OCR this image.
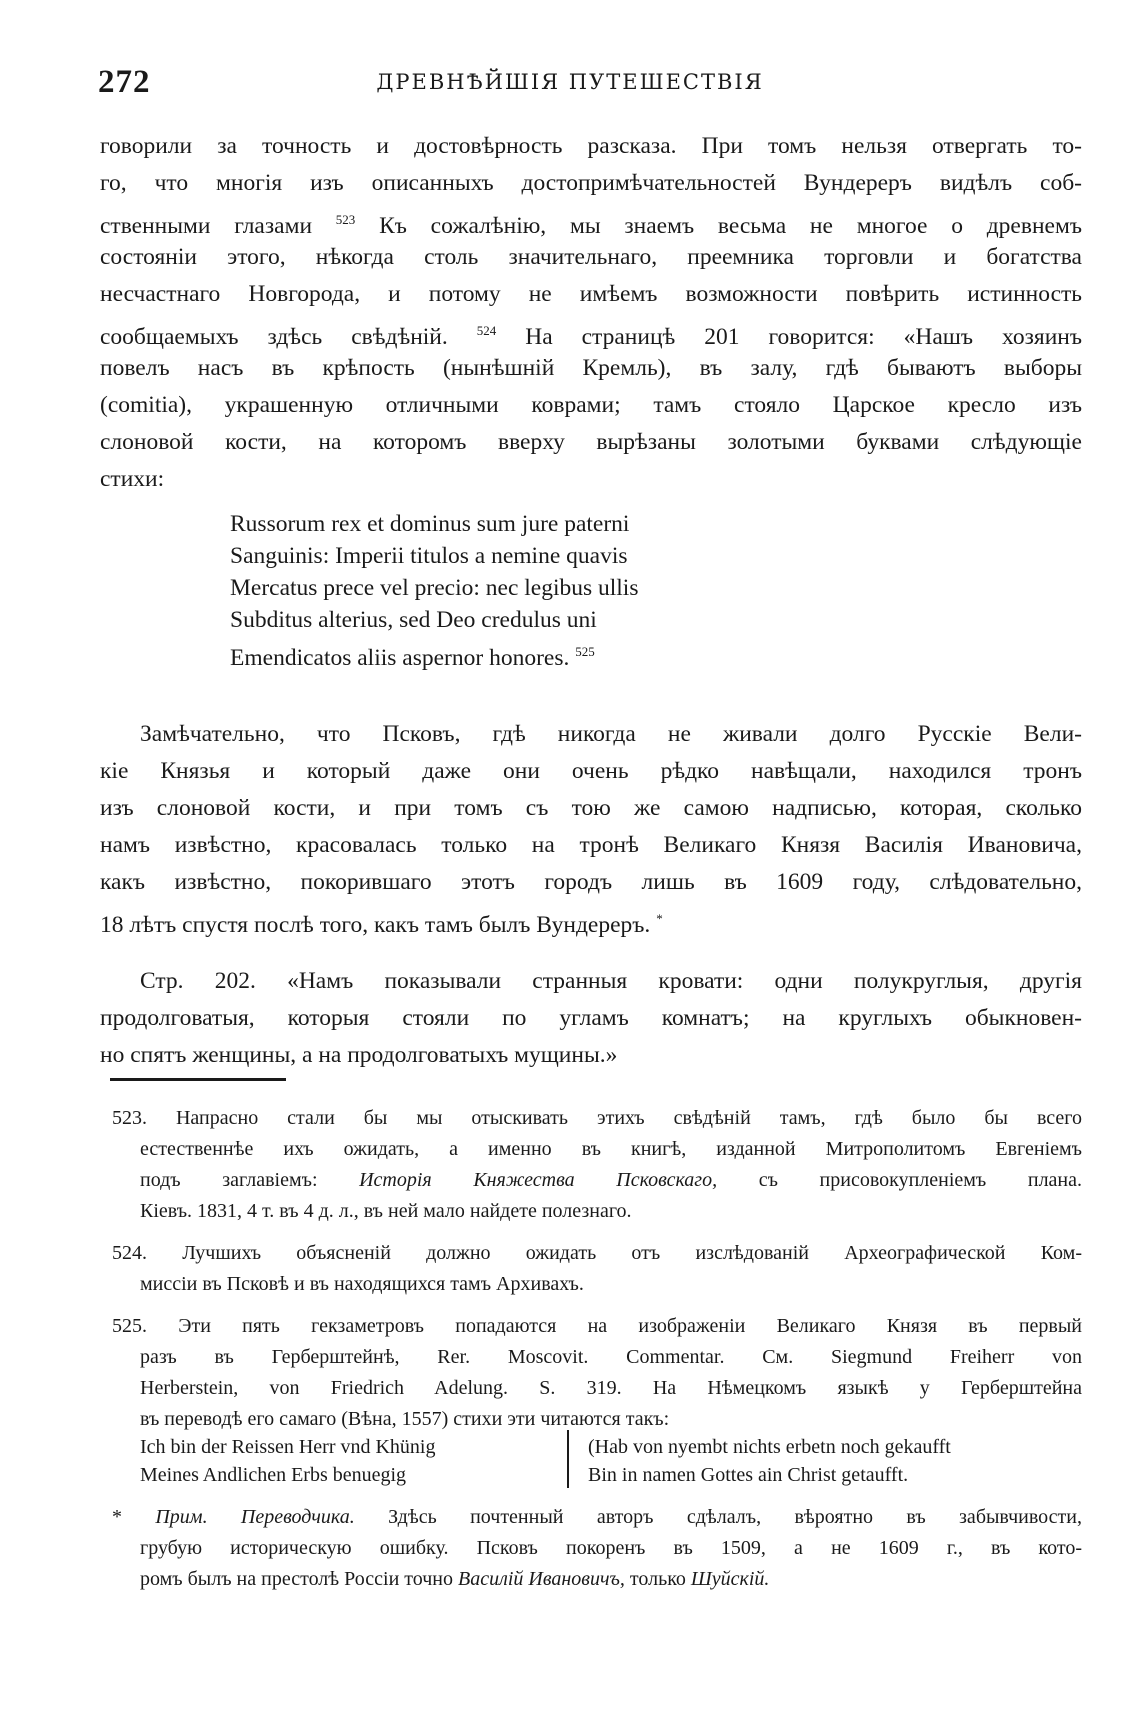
272	ДРЕВНѢЙШІЯ ПУТЕШЕСТВІЯ
говорили за точность и достовѣрность разсказа. При томъ нельзя отвергать то-
го, что многія изъ описанныхъ достопримѣчательностей Вундереръ видѣлъ соб-
ственными глазами $^{523}$ Къ сожалѣнію, мы знаемъ весьма не многое о древнемъ
состояніи этого, нѣкогда столь значительнаго, преемника торговли и богатства
несчастнаго Новгорода, и потому не имѣемъ возможности повѣрить истинность
сообщаемыхъ здѣсь свѣдѣній. $^{524}$ На страницѣ 201 говорится: «Нашъ хозяинъ
повелъ насъ въ крѣпость (нынѣшній Кремль), въ залу, гдѣ бываютъ выборы
(comitia), украшенную отличными коврами; тамъ стояло Царское кресло изъ
слоновой кости, на которомъ вверху вырѣзаны золотыми буквами слѣдующіе
стихи:
Russorum rex et dominus sum jure paterni
Sanguinis: Imperii titulos a nemine quavis
Mercatus prece vel precio: nec legibus ullis
Subditus alterius, sed Deo credulus uni
Emendicatos aliis aspernor honores. $^{525}$
Замѣчательно, что Псковъ, гдѣ никогда не живали долго Русскіе Вели-
кіе Князья и который даже они очень рѣдко навѣщали, находился тронъ
изъ слоновой кости, и при томъ съ тою же самою надписью, которая, сколько
намъ извѣстно, красовалась только на тронѣ Великаго Князя Василія Ивановича,
какъ извѣстно, покорившаго этотъ городъ лишь въ 1609 году, слѣдовательно,
18 лѣтъ спустя послѣ того, какъ тамъ былъ Вундереръ. *
Стр. 202. «Намъ показывали странныя кровати: одни полукруглыя, другія
продолговатыя, которыя стояли по угламъ комнатъ; на круглыхъ обыкновен-
но спятъ женщины, а на продолговатыхъ мущины.»
523. Напрасно стали бы мы отыскивать этихъ свѣдѣній тамъ, гдѣ было бы всего
естественнѣе ихъ ожидать, а именно въ книгѣ, изданной Митрополитомъ Евгеніемъ
подъ заглавіемъ: Исторія Княжества Псковскаго, съ присовокупленіемъ плана.
Кіевъ. 1831, 4 т. въ 4 д. л., въ ней мало найдете полезнаго.
524. Лучшихъ объясненій должно ожидать отъ изслѣдованій Археографической Ком-
миссіи въ Псковѣ и въ находящихся тамъ Архивахъ.
525. Эти пять гекзаметровъ попадаются на изображеніи Великаго Князя въ первый
разъ въ Герберштейнѣ, Rer. Moscovit. Commentar. См. Siegmund Freiherr von
Herberstein, von Friedrich Adelung. S. 319. На Нѣмецкомъ языкѣ у Герберштейна
въ переводѣ его самаго (Вѣна, 1557) стихи эти читаются такъ:
Ich bin der Reissen Herr vnd Khünig
Meines Andlichen Erbs benuegig
(Hab von nyembt nichts erbetn noch gekaufft
Bin in namen Gottes ain Christ getaufft.
* Прим. Переводчика. Здѣсь почтенный авторъ сдѣлалъ, вѣроятно въ забывчивости,
грубую историческую ошибку. Псковъ покоренъ въ 1509, а не 1609 г., въ кото-
ромъ былъ на престолѣ Россіи точно Василій Ивановичъ, только Шуйскій.
